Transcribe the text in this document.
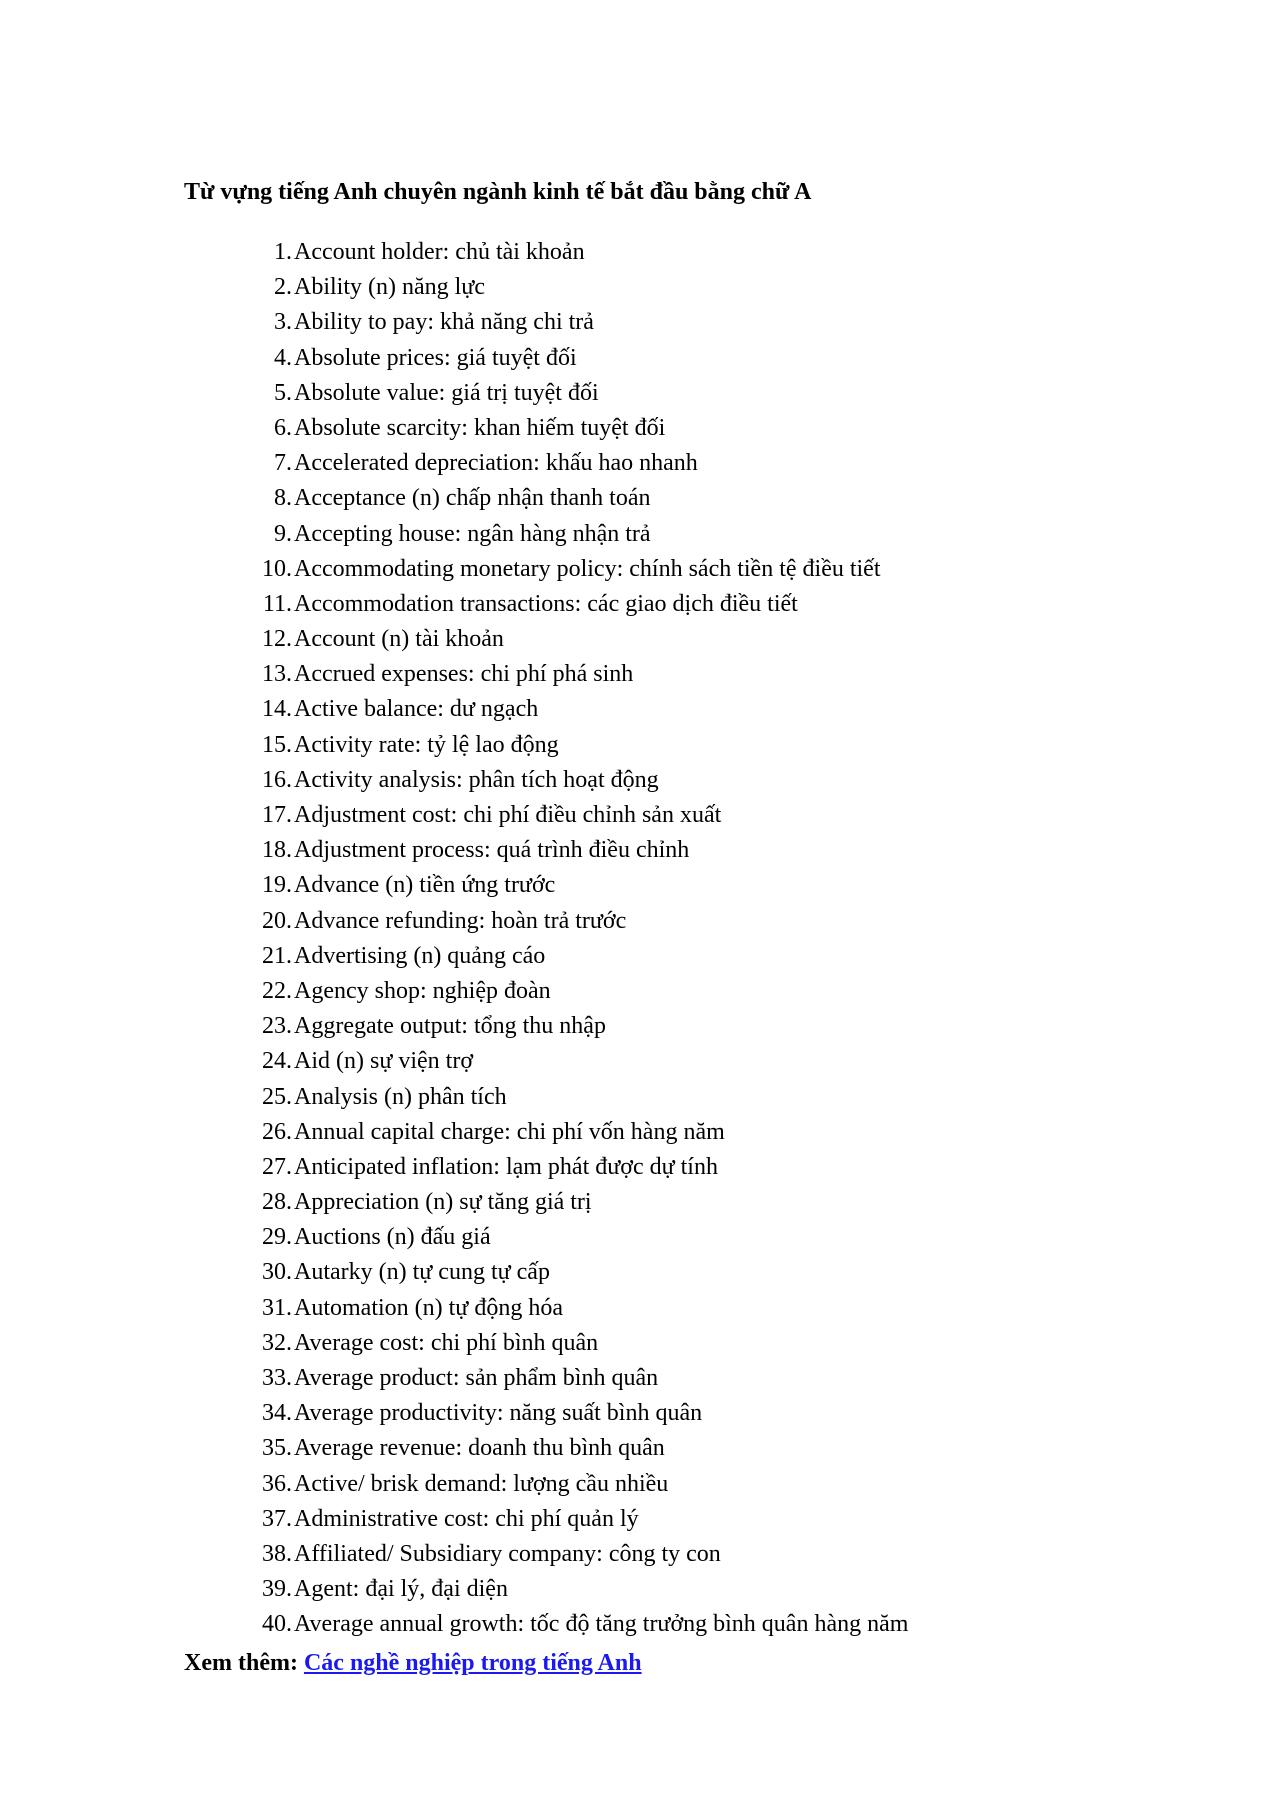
Từ vựng tiếng Anh chuyên ngành kinh tế bắt đầu bằng chữ A
1. Account holder: chủ tài khoản
2. Ability (n) năng lực
3. Ability to pay: khả năng chi trả
4. Absolute prices: giá tuyệt đối
5. Absolute value: giá trị tuyệt đối
6. Absolute scarcity: khan hiếm tuyệt đối
7. Accelerated depreciation: khấu hao nhanh
8. Acceptance (n) chấp nhận thanh toán
9. Accepting house: ngân hàng nhận trả
10. Accommodating monetary policy: chính sách tiền tệ điều tiết
11. Accommodation transactions: các giao dịch điều tiết
12. Account (n) tài khoản
13. Accrued expenses: chi phí phá sinh
14. Active balance: dư ngạch
15. Activity rate: tỷ lệ lao động
16. Activity analysis: phân tích hoạt động
17. Adjustment cost: chi phí điều chỉnh sản xuất
18. Adjustment process: quá trình điều chỉnh
19. Advance (n) tiền ứng trước
20. Advance refunding: hoàn trả trước
21. Advertising (n) quảng cáo
22. Agency shop: nghiệp đoàn
23. Aggregate output: tổng thu nhập
24. Aid (n) sự viện trợ
25. Analysis (n) phân tích
26. Annual capital charge: chi phí vốn hàng năm
27. Anticipated inflation: lạm phát được dự tính
28. Appreciation (n) sự tăng giá trị
29. Auctions (n) đấu giá
30. Autarky (n) tự cung tự cấp
31. Automation (n) tự động hóa
32. Average cost: chi phí bình quân
33. Average product: sản phẩm bình quân
34. Average productivity: năng suất bình quân
35. Average revenue: doanh thu bình quân
36. Active/ brisk demand: lượng cầu nhiều
37. Administrative cost: chi phí quản lý
38. Affiliated/ Subsidiary company: công ty con
39. Agent: đại lý, đại diện
40. Average annual growth: tốc độ tăng trưởng bình quân hàng năm

Xem thêm: Các nghề nghiệp trong tiếng Anh
